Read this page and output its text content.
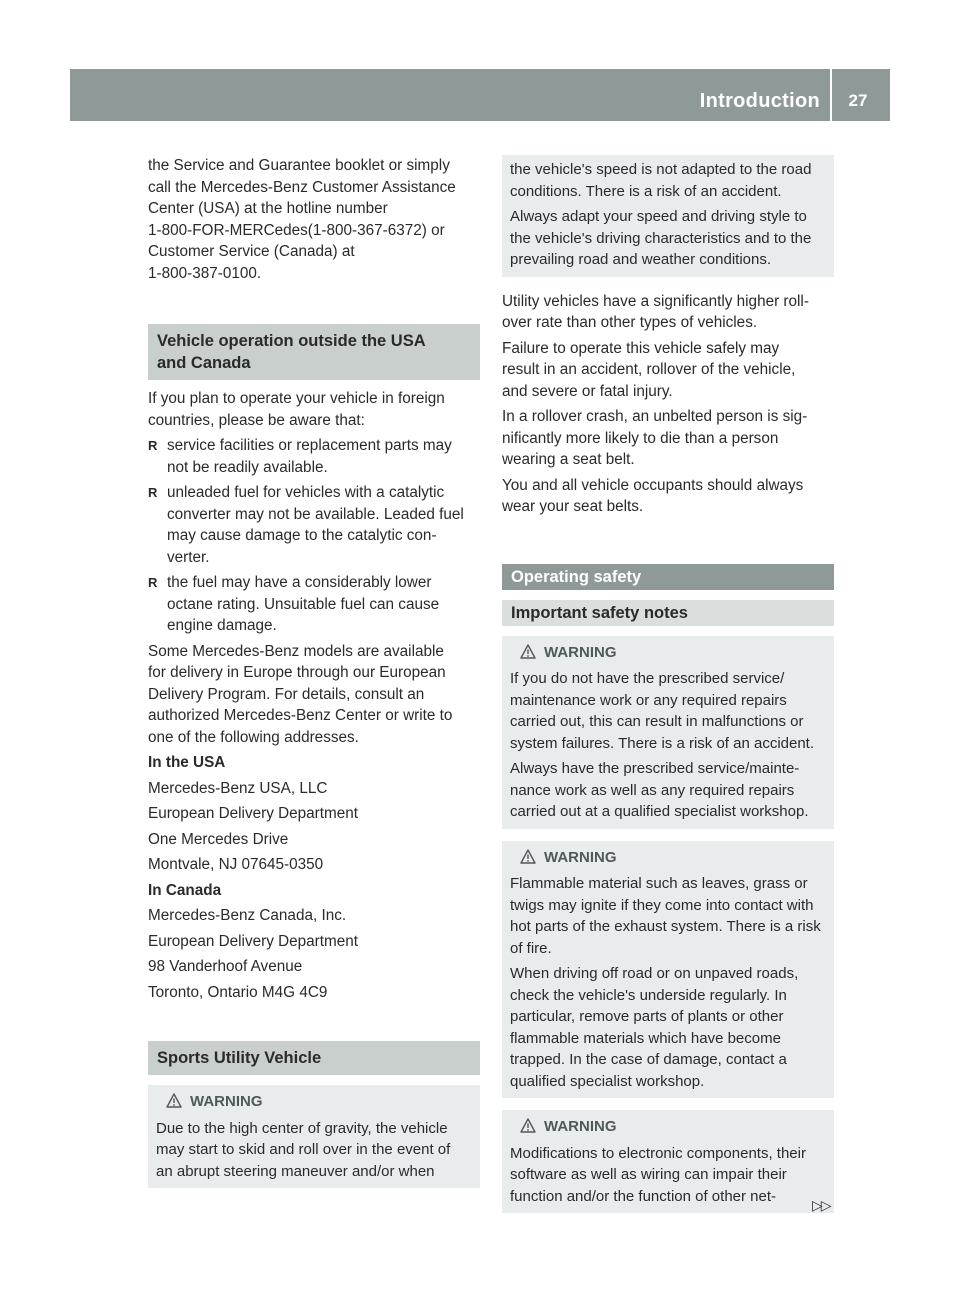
Introduction	27

the Service and Guarantee booklet or simply
call the Mercedes-Benz Customer Assistance
Center (USA) at the hotline number
1-800-FOR-MERCedes(1-800-367-6372) or
Customer Service (Canada) at
1-800-387-0100.

Vehicle operation outside the USA
and Canada

If you plan to operate your vehicle in foreign
countries, please be aware that:

R service facilities or replacement parts may
not be readily available.
R unleaded fuel for vehicles with a catalytic
converter may not be available. Leaded fuel
may cause damage to the catalytic con-
verter.
R the fuel may have a considerably lower
octane rating. Unsuitable fuel can cause
engine damage.

Some Mercedes-Benz models are available
for delivery in Europe through our European
Delivery Program. For details, consult an
authorized Mercedes-Benz Center or write to
one of the following addresses.

In the USA

Mercedes-Benz USA, LLC

European Delivery Department

One Mercedes Drive

Montvale, NJ 07645-0350

In Canada

Mercedes-Benz Canada, Inc.

European Delivery Department

98 Vanderhoof Avenue

Toronto, Ontario M4G 4C9

Sports Utility Vehicle
WARNING

Due to the high center of gravity, the vehicle
may start to skid and roll over in the event of
an abrupt steering maneuver and/or when

the vehicle's speed is not adapted to the road
conditions. There is a risk of an accident.

Always adapt your speed and driving style to
the vehicle's driving characteristics and to the
prevailing road and weather conditions.

Utility vehicles have a significantly higher roll-
over rate than other types of vehicles.

Failure to operate this vehicle safely may
result in an accident, rollover of the vehicle,
and severe or fatal injury.

In a rollover crash, an unbelted person is sig-
nificantly more likely to die than a person
wearing a seat belt.

You and all vehicle occupants should always
wear your seat belts.

Operating safety
Important safety notes
WARNING

If you do not have the prescribed service/
maintenance work or any required repairs
carried out, this can result in malfunctions or
system failures. There is a risk of an accident.

Always have the prescribed service/mainte-
nance work as well as any required repairs
carried out at a qualified specialist workshop.

WARNING

Flammable material such as leaves, grass or
twigs may ignite if they come into contact with
hot parts of the exhaust system. There is a risk
of fire.

When driving off road or on unpaved roads,
check the vehicle's underside regularly. In
particular, remove parts of plants or other
flammable materials which have become
trapped. In the case of damage, contact a
qualified specialist workshop.

WARNING

Modifications to electronic components, their
software as well as wiring can impair their
function and/or the function of other net-

▷▷
